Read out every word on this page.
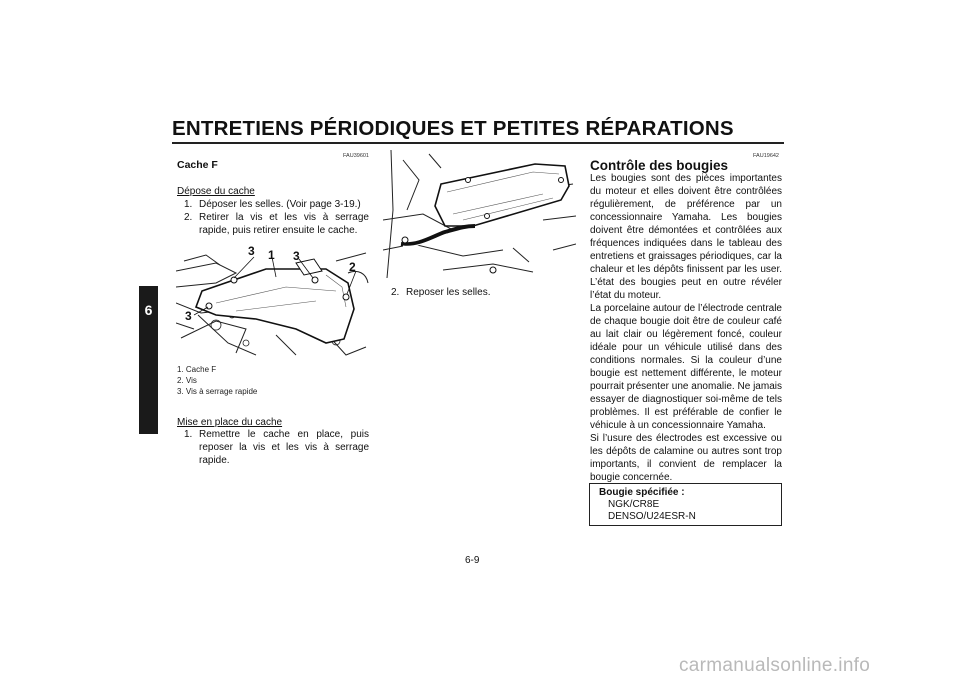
ENTRETIENS PÉRIODIQUES ET PETITES RÉPARATIONS
6
FAU39601
Cache F
Dépose du cache
1. Déposer les selles. (Voir page 3-19.)
2. Retirer la vis et les vis à serrage rapide, puis retirer ensuite le cache.
3 1 3
2
3
1. Cache F
2. Vis
3. Vis à serrage rapide
Mise en place du cache
1. Remettre le cache en place, puis reposer la vis et les vis à serrage rapide.
2. Reposer les selles.
FAU19642
Contrôle des bougies
Les bougies sont des pièces importantes du moteur et elles doivent être contrôlées régulièrement, de préférence par un concessionnaire Yamaha. Les bougies doivent être démontées et contrôlées aux fréquences indiquées dans le tableau des entretiens et graissages périodiques, car la chaleur et les dépôts finissent par les user. L’état des bougies peut en outre révéler l’état du moteur.
La porcelaine autour de l’électrode centrale de chaque bougie doit être de couleur café au lait clair ou légèrement foncé, couleur idéale pour un véhicule utilisé dans des conditions normales. Si la couleur d’une bougie est nettement différente, le moteur pourrait présenter une anomalie. Ne jamais essayer de diagnostiquer soi-même de tels problèmes. Il est préférable de confier le véhicule à un concessionnaire Yamaha.
Si l’usure des électrodes est excessive ou les dépôts de calamine ou autres sont trop importants, il convient de remplacer la bougie concernée.
Bougie spécifiée :
NGK/CR8E
DENSO/U24ESR-N
6-9
carmanualsonline.info
